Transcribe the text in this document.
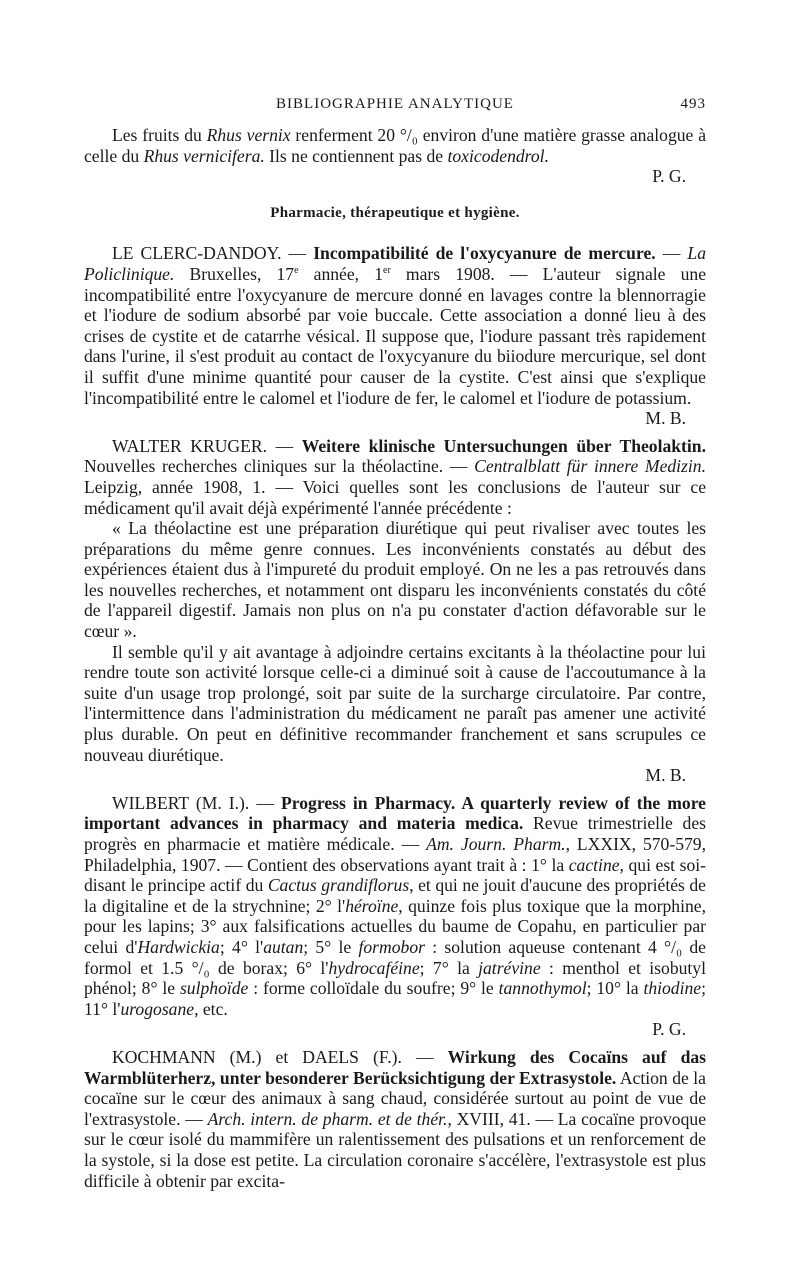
BIBLIOGRAPHIE ANALYTIQUE	493

Les fruits du Rhus vernix renferment 20 °/₀ environ d'une matière grasse analogue à celle du Rhus vernicifera. Ils ne contiennent pas de toxicodendrol.

P. G.

Pharmacie, thérapeutique et hygiène.

LE CLERC-DANDOY. — Incompatibilité de l'oxycyanure de mercure. — La Policlinique. Bruxelles, 17e année, 1er mars 1908. — L'auteur signale une incompatibilité entre l'oxycyanure de mercure donné en lavages contre la blennorragie et l'iodure de sodium absorbé par voie buccale. Cette association a donné lieu à des crises de cystite et de catarrhe vésical. Il suppose que, l'iodure passant très rapidement dans l'urine, il s'est produit au contact de l'oxycyanure du biiodure mercurique, sel dont il suffit d'une minime quantité pour causer de la cystite. C'est ainsi que s'explique l'incompatibilité entre le calomel et l'iodure de fer, le calomel et l'iodure de potassium.

M. B.

WALTER KRUGER. — Weitere klinische Untersuchungen über Theolaktin. Nouvelles recherches cliniques sur la théolactine. — Centralblatt für innere Medizin. Leipzig, année 1908, 1. — Voici quelles sont les conclusions de l'auteur sur ce médicament qu'il avait déjà expérimenté l'année précédente :

« La théolactine est une préparation diurétique qui peut rivaliser avec toutes les préparations du même genre connues. Les inconvénients constatés au début des expériences étaient dus à l'impureté du produit employé. On ne les a pas retrouvés dans les nouvelles recherches, et notamment ont disparu les inconvénients constatés du côté de l'appareil digestif. Jamais non plus on n'a pu constater d'action défavorable sur le cœur ».

Il semble qu'il y ait avantage à adjoindre certains excitants à la théolactine pour lui rendre toute son activité lorsque celle-ci a diminué soit à cause de l'accoutumance à la suite d'un usage trop prolongé, soit par suite de la surcharge circulatoire. Par contre, l'intermittence dans l'administration du médicament ne paraît pas amener une activité plus durable. On peut en définitive recommander franchement et sans scrupules ce nouveau diurétique.

M. B.

WILBERT (M. I.). — Progress in Pharmacy. A quarterly review of the more important advances in pharmacy and materia medica. Revue trimestrielle des progrès en pharmacie et matière médicale. — Am. Journ. Pharm., LXXIX, 570-579, Philadelphia, 1907. — Contient des observations ayant trait à : 1° la cactine, qui est soi-disant le principe actif du Cactus grandiflorus, et qui ne jouit d'aucune des propriétés de la digitaline et de la strychnine; 2° l'héroïne, quinze fois plus toxique que la morphine, pour les lapins; 3° aux falsifications actuelles du baume de Copahu, en particulier par celui d'Hardwickia; 4° l'autan; 5° le formobor : solution aqueuse contenant 4 °/₀ de formol et 1.5 °/₀ de borax; 6° l'hydrocaféine; 7° la jatrévine : menthol et isobutyl phénol; 8° le sulphoïde : forme colloïdale du soufre; 9° le tannothymol; 10° la thiodine; 11° l'urogosane, etc.

P. G.

KOCHMANN (M.) et DAELS (F.). — Wirkung des Cocaïns auf das Warmblüterherz, unter besonderer Berücksichtigung der Extrasystole. Action de la cocaïne sur le cœur des animaux à sang chaud, considérée surtout au point de vue de l'extrasystole. — Arch. intern. de pharm. et de thér., XVIII, 41. — La cocaïne provoque sur le cœur isolé du mammifère un ralentissement des pulsations et un renforcement de la systole, si la dose est petite. La circulation coronaire s'accélère, l'extrasystole est plus difficile à obtenir par excita-
